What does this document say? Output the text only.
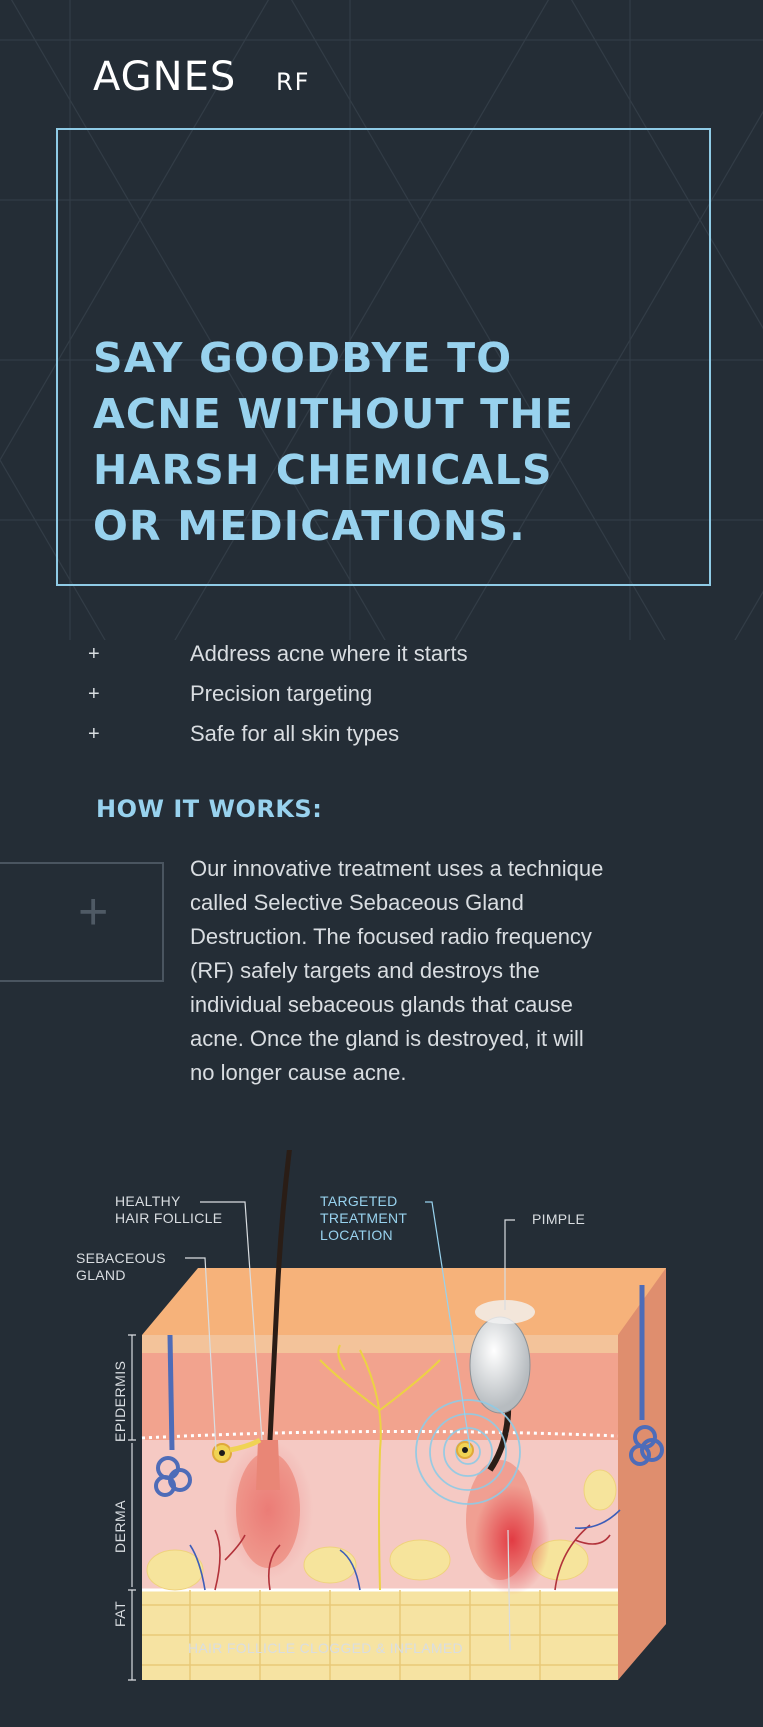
AGNES RF
SAY GOODBYE TO
ACNE WITHOUT THE
HARSH CHEMICALS
OR MEDICATIONS.
+	Address acne where it starts
+	Precision targeting
+	Safe for all skin types
HOW IT WORKS:
+

Our innovative treatment uses a technique
called Selective Sebaceous Gland
Destruction. The focused radio frequency
(RF) safely targets and destroys the
individual sebaceous glands that cause
acne. Once the gland is destroyed, it will
no longer cause acne.

HEALTHY
HAIR FOLLICLE

TARGETED
TREATMENT
LOCATION

PIMPLE

SEBACEOUS
GLAND

EPIDERMIS
DERMA
FAT

HAIR FOLLICLE CLOGGED & INFLAMED
